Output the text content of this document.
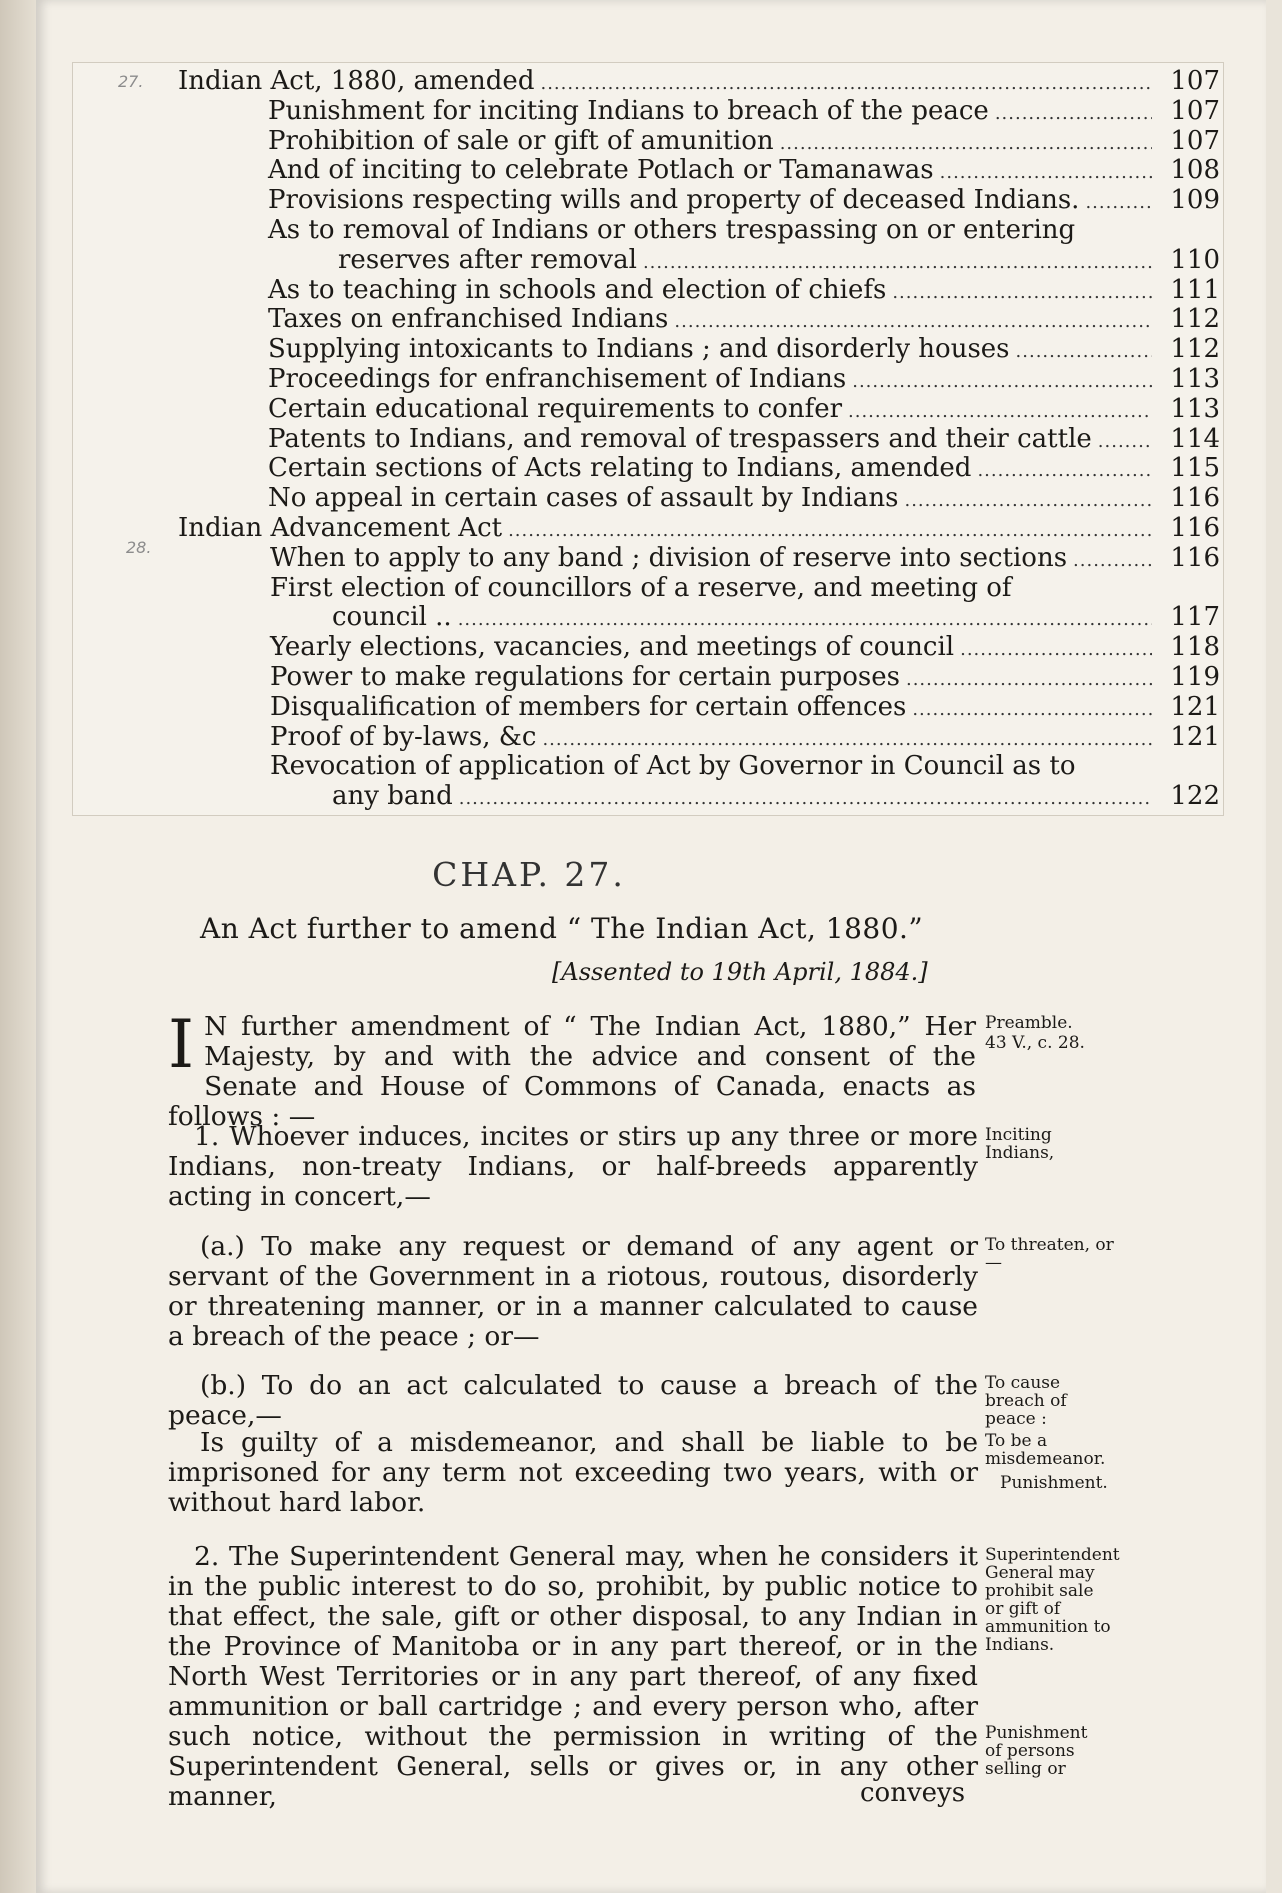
27.
28.
Indian Act, 1880, amended .....	107
Punishment for inciting Indians to breach of the peace .....	107
Prohibition of sale or gift of amunition .....	107
And of inciting to celebrate Potlach or Tamanawas .....	108
Provisions respecting wills and property of deceased Indians. .....	109
As to removal of Indians or others trespassing on or entering
reserves after removal .....	110
As to teaching in schools and election of chiefs .....	111
Taxes on enfranchised Indians .....	112
Supplying intoxicants to Indians ; and disorderly houses .....	112
Proceedings for enfranchisement of Indians .....	113
Certain educational requirements to confer .....	113
Patents to Indians, and removal of trespassers and their cattle .....	114
Certain sections of Acts relating to Indians, amended .....	115
No appeal in certain cases of assault by Indians .....	116
Indian Advancement Act .....	116
When to apply to any band ; division of reserve into sections .....	116
First election of councillors of a reserve, and meeting of
council .. .....	117
Yearly elections, vacancies, and meetings of council .....	118
Power to make regulations for certain purposes .....	119
Disqualification of members for certain offences .....	121
Proof of by-laws, &c .....	121
Revocation of application of Act by Governor in Council as to
any band .....	122
CHAP. 27.
An Act further to amend “ The Indian Act, 1880.”
[Assented to 19th April, 1884.]
I N further amendment of “ The Indian Act, 1880,” Her Majesty, by and with the advice and consent of the Senate and House of Commons of Canada, enacts as follows : —
Preamble.
43 V., c. 28.
1. Whoever induces, incites or stirs up any three or more Indians, non-treaty Indians, or half-breeds apparently acting in concert,—
Inciting Indians,
(a.) To make any request or demand of any agent or servant of the Government in a riotous, routous, disorderly or threatening manner, or in a manner calculated to cause a breach of the peace ; or—
To threaten, or—
(b.) To do an act calculated to cause a breach of the peace,—
To cause breach of peace :
Is guilty of a misdemeanor, and shall be liable to be imprisoned for any term not exceeding two years, with or without hard labor.
To be a misdemeanor.
Punishment.
2. The Superintendent General may, when he considers it in the public interest to do so, prohibit, by public notice to that effect, the sale, gift or other disposal, to any Indian in the Province of Manitoba or in any part thereof, or in the North West Territories or in any part thereof, of any fixed ammunition or ball cartridge ; and every person who, after such notice, without the permission in writing of the Superintendent General, sells or gives or, in any other manner,
Superintendent General may prohibit sale or gift of ammunition to Indians.
Punishment of persons selling or
conveys
